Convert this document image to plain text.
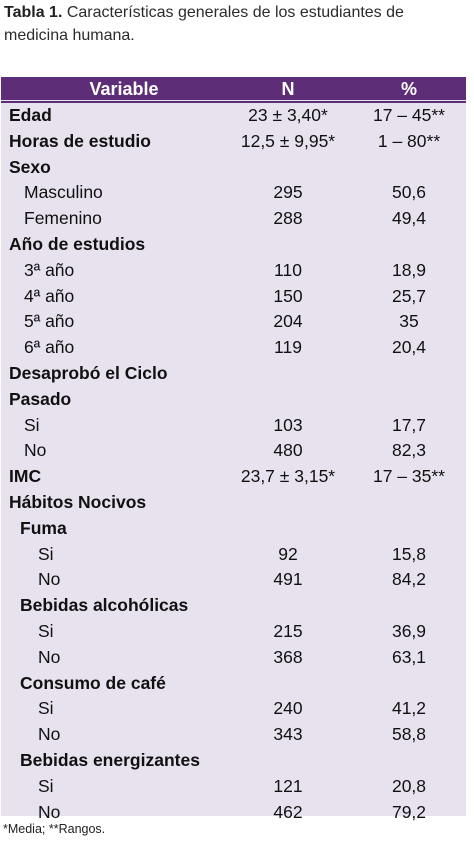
Tabla 1. Características generales de los estudiantes de medicina humana.
Variable	N	%
Edad	23 ± 3,40*	17 – 45**
Horas de estudio	12,5 ± 9,95*	1 – 80**
Sexo
Masculino	295	50,6
Femenino	288	49,4
Año de estudios
3ª año	110	18,9
4ª año	150	25,7
5ª año	204	35
6ª año	119	20,4
Desaprobó el Ciclo
Pasado
Si	103	17,7
No	480	82,3
IMC	23,7 ± 3,15*	17 – 35**
Hábitos Nocivos
Fuma
Si	92	15,8
No	491	84,2
Bebidas alcohólicas
Si	215	36,9
No	368	63,1
Consumo de café
Si	240	41,2
No	343	58,8
Bebidas energizantes
Si	121	20,8
No	462	79,2
*Media; **Rangos.
